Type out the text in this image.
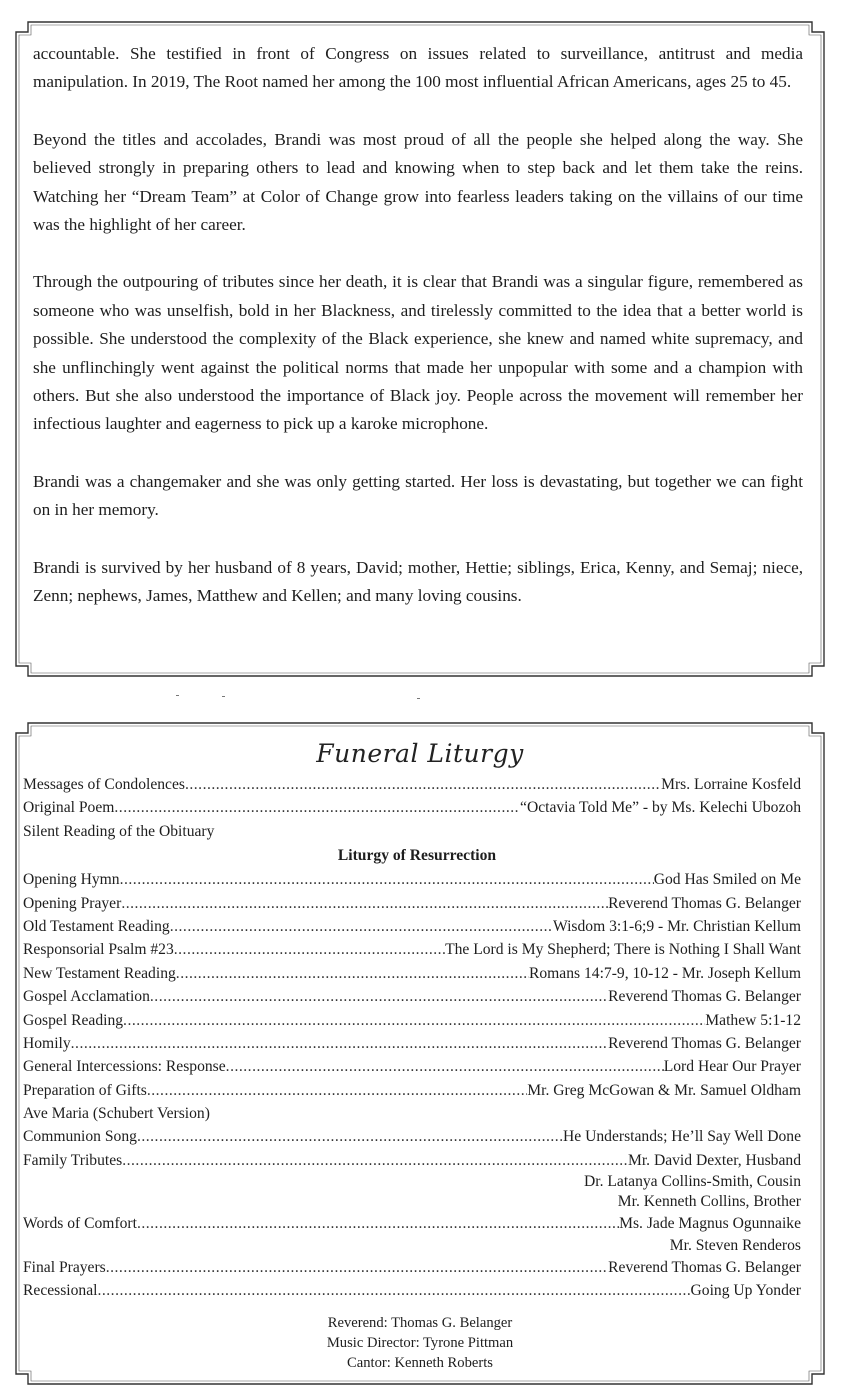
accountable. She testified in front of Congress on issues related to surveillance, antitrust and media manipulation. In 2019, The Root named her among the 100 most influential African Americans, ages 25 to 45.

Beyond the titles and accolades, Brandi was most proud of all the people she helped along the way. She believed strongly in preparing others to lead and knowing when to step back and let them take the reins. Watching her “Dream Team” at Color of Change grow into fearless leaders taking on the villains of our time was the highlight of her career.

Through the outpouring of tributes since her death, it is clear that Brandi was a singular figure, remembered as someone who was unselfish, bold in her Blackness, and tirelessly committed to the idea that a better world is possible. She understood the complexity of the Black experience, she knew and named white supremacy, and she unflinchingly went against the political norms that made her unpopular with some and a champion with others. But she also understood the importance of Black joy. People across the movement will remember her infectious laughter and eagerness to pick up a karoke microphone.

Brandi was a changemaker and she was only getting started. Her loss is devastating, but together we can fight on in her memory.

Brandi is survived by her husband of 8 years, David; mother, Hettie; siblings, Erica, Kenny, and Semaj; niece, Zenn; nephews, James, Matthew and Kellen; and many loving cousins.

Funeral Liturgy
Messages of Condolences .....	Mrs. Lorraine Kosfeld
Original Poem .....	“Octavia Told Me” - by Ms. Kelechi Ubozoh
Silent Reading of the Obituary
Liturgy of Resurrection
Opening Hymn .....	God Has Smiled on Me
Opening Prayer .....	Reverend Thomas G. Belanger
Old Testament Reading .....	Wisdom 3:1-6;9 - Mr. Christian Kellum
Responsorial Psalm #23 .....	The Lord is My Shepherd; There is Nothing I Shall Want
New Testament Reading .....	Romans 14:7-9, 10-12 - Mr. Joseph Kellum
Gospel Acclamation .....	Reverend Thomas G. Belanger
Gospel Reading .....	Mathew 5:1-12
Homily .....	Reverend Thomas G. Belanger
General Intercessions: Response .....	Lord Hear Our Prayer
Preparation of Gifts .....	Mr. Greg McGowan & Mr. Samuel Oldham
Ave Maria (Schubert Version)
Communion Song .....	He Understands; He’ll Say Well Done
Family Tributes .....	Mr. David Dexter, Husband
Dr. Latanya Collins-Smith, Cousin
Mr. Kenneth Collins, Brother
Words of Comfort .....	Ms. Jade Magnus Ogunnaike
Mr. Steven Renderos
Final Prayers .....	Reverend Thomas G. Belanger
Recessional .....	Going Up Yonder
Reverend: Thomas G. Belanger
Music Director: Tyrone Pittman
Cantor: Kenneth Roberts
